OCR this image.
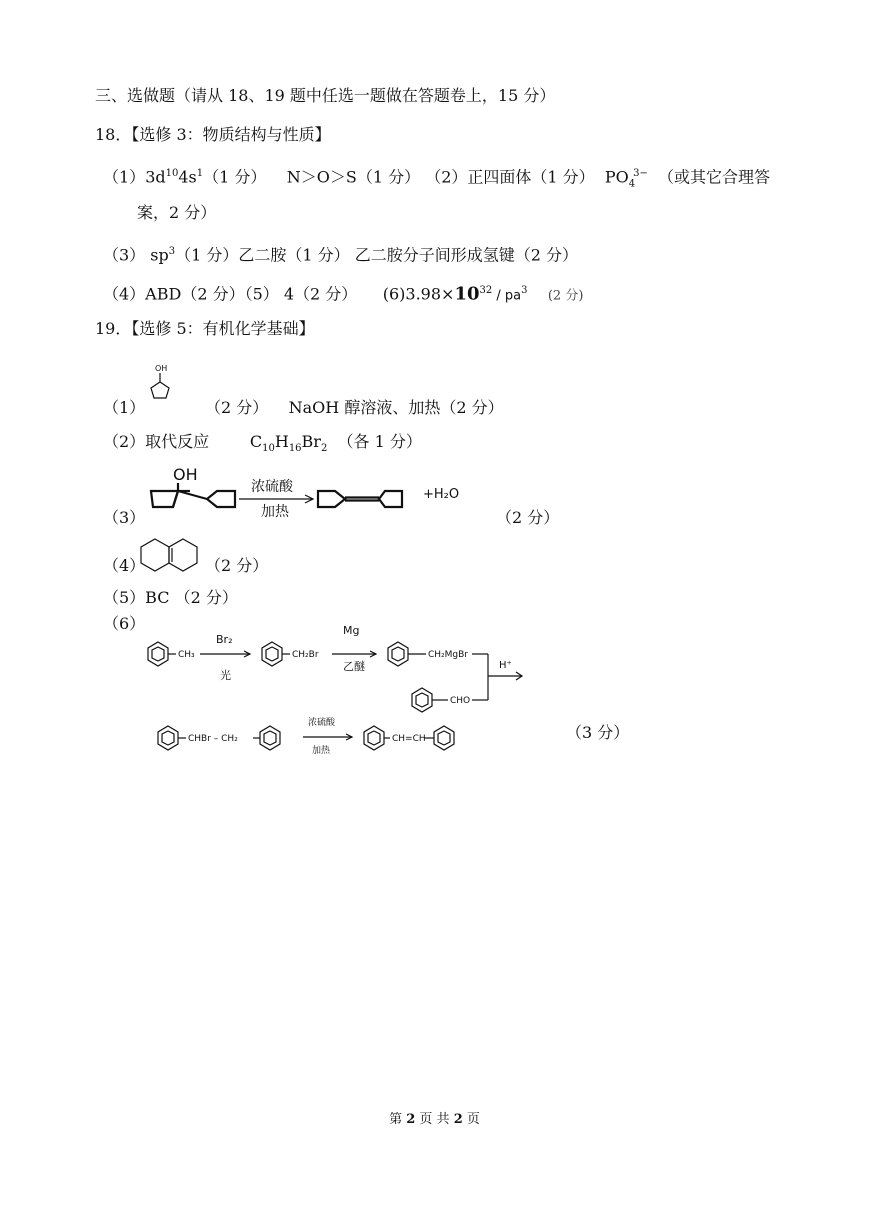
三、选做题（请从 18、19 题中任选一题做在答题卷上，15 分）
18．【选修 3：物质结构与性质】
$(1)3d^{10}4s^1(1$ 分） N＞O＞S（1 分） （2）正四面体（1 分） $PO_4^{3-}$ （或其它合理答
案，2 分）
（3） $sp^3(1$ 分）乙二胺（1 分） 乙二胺分子间形成氢键（2 分）
（4）ABD（2 分）（5） 4（2 分） $(6)3.98\times 10^{32} / pa^3$ (2 分)
19．【选修 5：有机化学基础】
（1）
OH
（2 分） NaOH 醇溶液、加热（2 分）
（2）取代反应	$C_{10}H_{16}Br_2$ （各 1 分）
（3）
OH
浓硫酸
加热
+H₂O
（2 分）
（4）	（2 分）
（5）BC （2 分）
（6）
CH₃
Br₂
光
CH₂Br
Mg
乙醚
CH₂MgBr
CHO
H⁺
CHBr – CH₂
浓硫酸
加热
CH=CH	（3 分）
第 2 页 共 2 页
